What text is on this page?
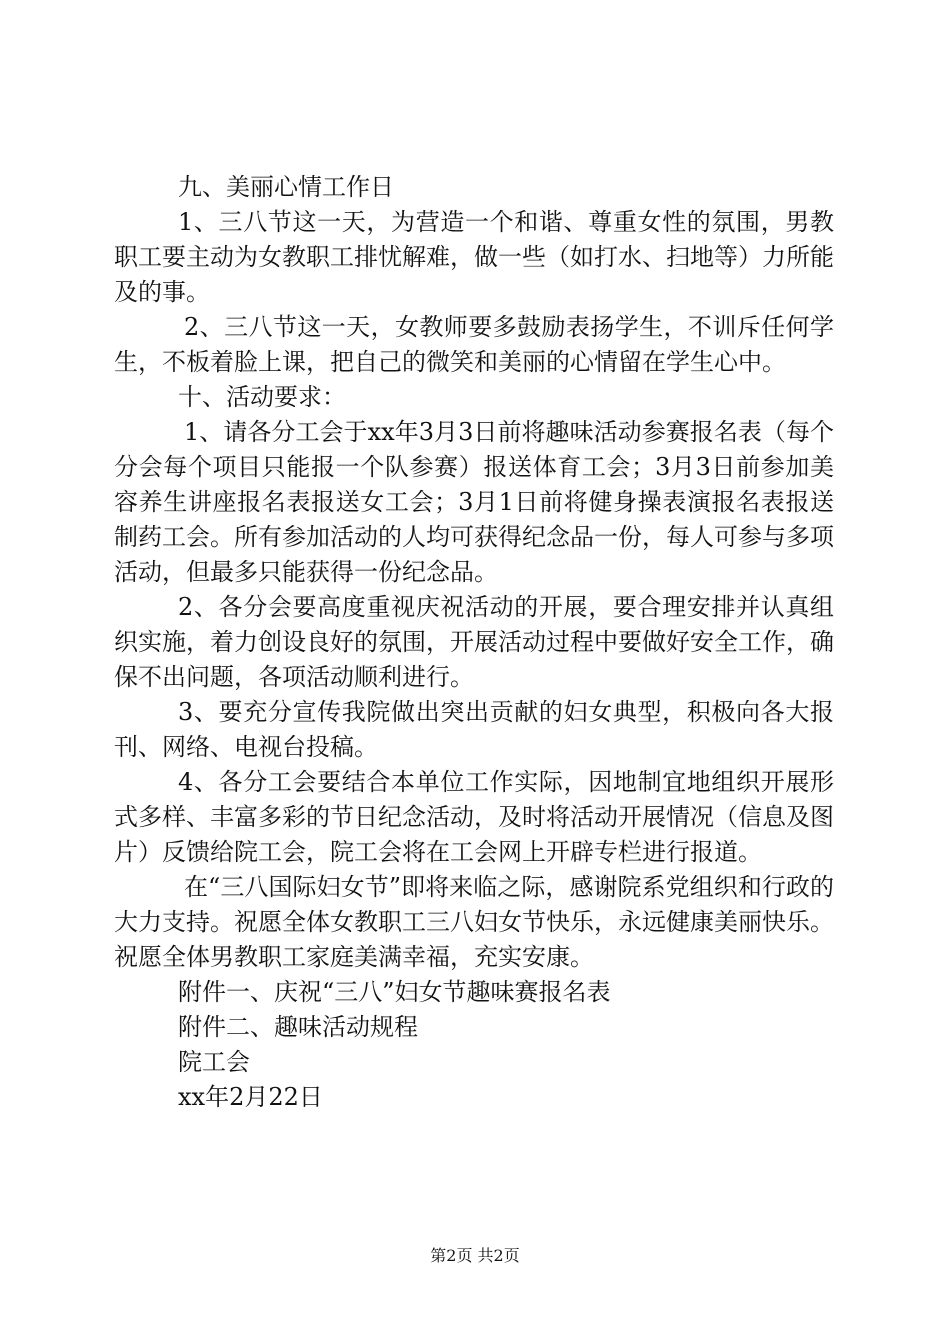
九、美丽心情工作日

1、三八节这一天，为营造一个和谐、尊重女性的氛围，男教职工要主动为女教职工排忧解难，做一些（如打水、扫地等）力所能及的事。

2、三八节这一天，女教师要多鼓励表扬学生，不训斥任何学生，不板着脸上课，把自己的微笑和美丽的心情留在学生心中。

十、活动要求：

1、请各分工会于xx年3月3日前将趣味活动参赛报名表（每个分会每个项目只能报一个队参赛）报送体育工会；3月3日前参加美容养生讲座报名表报送女工会；3月1日前将健身操表演报名表报送制药工会。所有参加活动的人均可获得纪念品一份，每人可参与多项活动，但最多只能获得一份纪念品。

2、各分会要高度重视庆祝活动的开展，要合理安排并认真组织实施，着力创设良好的氛围，开展活动过程中要做好安全工作，确保不出问题，各项活动顺利进行。

3、要充分宣传我院做出突出贡献的妇女典型，积极向各大报刊、网络、电视台投稿。

4、各分工会要结合本单位工作实际，因地制宜地组织开展形式多样、丰富多彩的节日纪念活动，及时将活动开展情况（信息及图片）反馈给院工会，院工会将在工会网上开辟专栏进行报道。

在“三八国际妇女节”即将来临之际，感谢院系党组织和行政的大力支持。祝愿全体女教职工三八妇女节快乐，永远健康美丽快乐。祝愿全体男教职工家庭美满幸福，充实安康。

附件一、庆祝“三八”妇女节趣味赛报名表

附件二、趣味活动规程

院工会

xx年2月22日

第2页 共2页
